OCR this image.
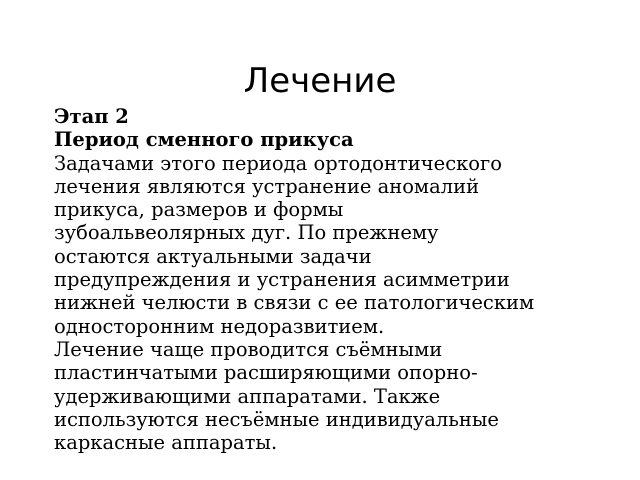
Лечение
Этап 2
Период сменного прикуса
Задачами этого периода ортодонтического
лечения являются устранение аномалий
прикуса, размеров и формы
зубоальвеолярных дуг. По прежнему
остаются актуальными задачи
предупреждения и устранения асимметрии
нижней челюсти в связи с ее патологическим
односторонним недоразвитием.
Лечение чаще проводится съёмными
пластинчатыми расширяющими опорно-
удерживающими аппаратами. Также
используются несъёмные индивидуальные
каркасные аппараты.
